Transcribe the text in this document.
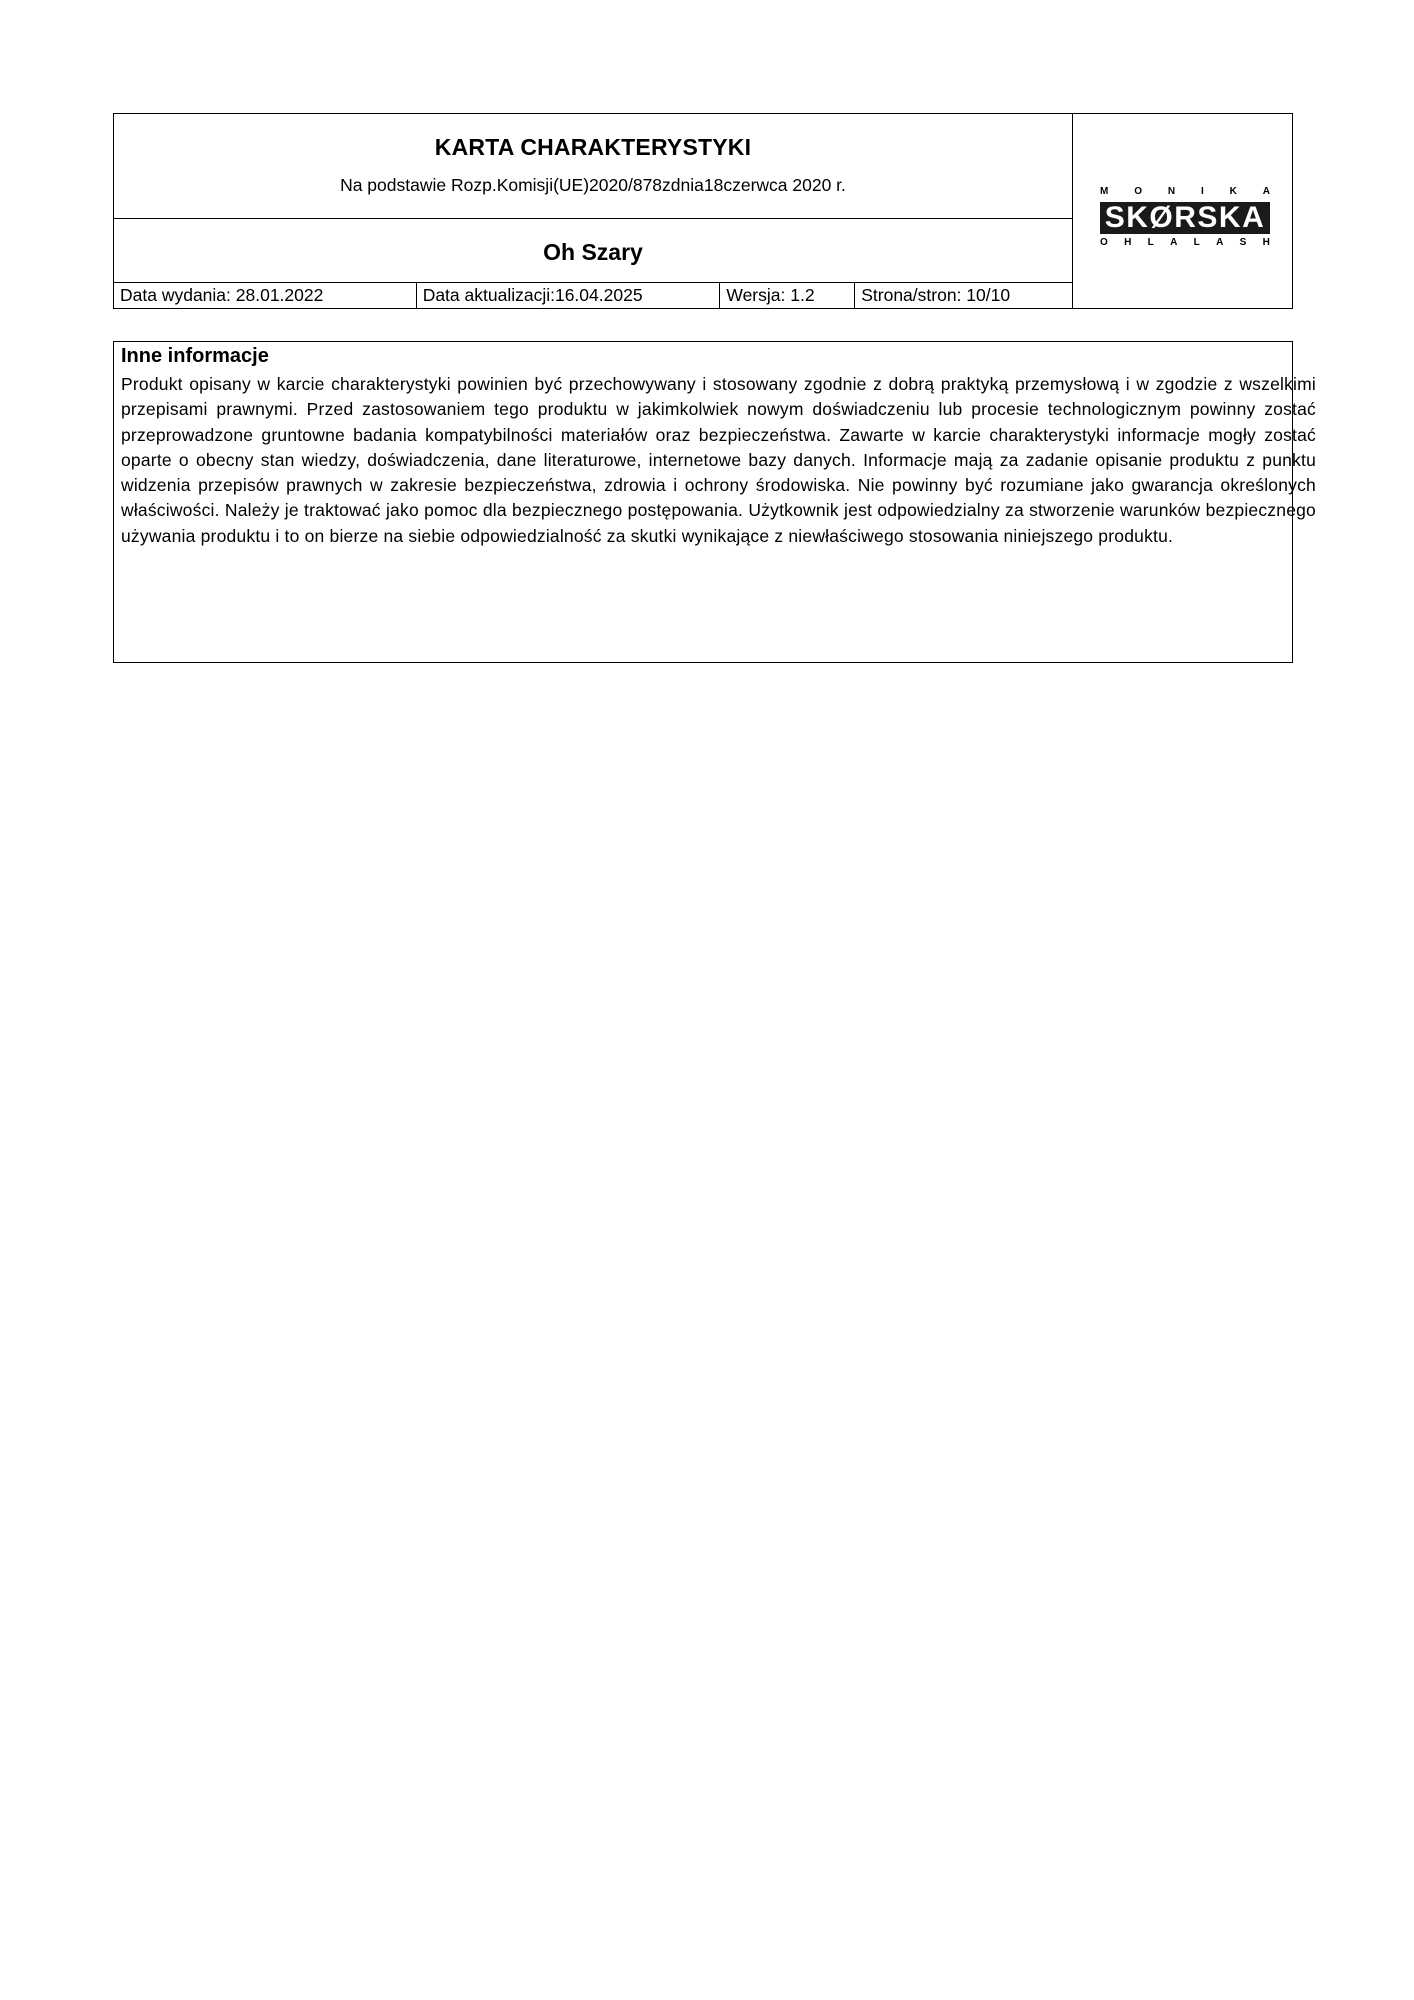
KARTA CHARAKTERYSTYKI
Na podstawie Rozp.Komisji(UE)2020/878zdnia18czerwca 2020 r.
Oh Szary
Data wydania: 28.01.2022	Data aktualizacji:16.04.2025	Wersja: 1.2	Strona/stron: 10/10
M	O	N	I	K	A
SKØRSKA
O H L A L A S H
Inne informacje
Produkt opisany w karcie charakterystyki powinien być przechowywany i stosowany zgodnie z dobrą praktyką przemysłową i w zgodzie z wszelkimi przepisami prawnymi. Przed zastosowaniem tego produktu w jakimkolwiek nowym doświadczeniu lub procesie technologicznym powinny zostać przeprowadzone gruntowne badania kompatybilności materiałów oraz bezpieczeństwa. Zawarte w karcie charakterystyki informacje mogły zostać oparte o obecny stan wiedzy, doświadczenia, dane literaturowe, internetowe bazy danych. Informacje mają za zadanie opisanie produktu z punktu widzenia przepisów prawnych w zakresie bezpieczeństwa, zdrowia i ochrony środowiska. Nie powinny być rozumiane jako gwarancja określonych właściwości. Należy je traktować jako pomoc dla bezpiecznego postępowania. Użytkownik jest odpowiedzialny za stworzenie warunków bezpiecznego używania produktu i to on bierze na siebie odpowiedzialność za skutki wynikające z niewłaściwego stosowania niniejszego produktu.
